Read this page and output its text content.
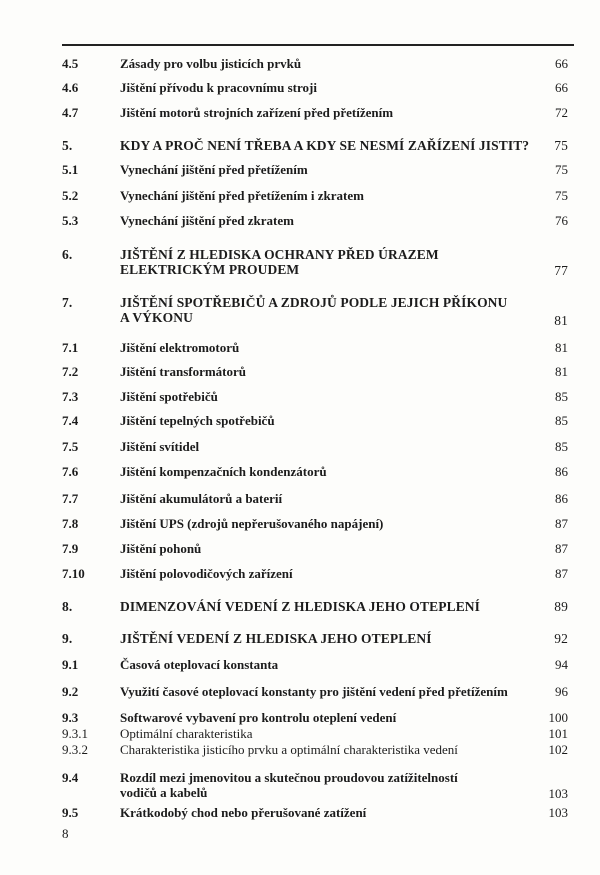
4.5	Zásady pro volbu jisticích prvků	66
4.6	Jištění přívodu k pracovnímu stroji	66
4.7	Jištění motorů strojních zařízení před přetížením	72
5.	KDY A PROČ NENÍ TŘEBA A KDY SE NESMÍ ZAŘÍZENÍ JISTIT?	75
5.1	Vynechání jištění před přetížením	75
5.2	Vynechání jištění před přetížením i zkratem	75
5.3	Vynechání jištění před zkratem	76
6.	JIŠTĚNÍ Z HLEDISKA OCHRANY PŘED ÚRAZEM
ELEKTRICKÝM PROUDEM	77
7.	JIŠTĚNÍ SPOTŘEBIČŮ A ZDROJŮ PODLE JEJICH PŘÍKONU
A VÝKONU	81
7.1	Jištění elektromotorů	81
7.2	Jištění transformátorů	81
7.3	Jištění spotřebičů	85
7.4	Jištění tepelných spotřebičů	85
7.5	Jištění svítidel	85
7.6	Jištění kompenzačních kondenzátorů	86
7.7	Jištění akumulátorů a baterií	86
7.8	Jištění UPS (zdrojů nepřerušovaného napájení)	87
7.9	Jištění pohonů	87
7.10	Jištění polovodičových zařízení	87
8.	DIMENZOVÁNÍ VEDENÍ Z HLEDISKA JEHO OTEPLENÍ	89
9.	JIŠTĚNÍ VEDENÍ Z HLEDISKA JEHO OTEPLENÍ	92
9.1	Časová oteplovací konstanta	94
9.2	Využití časové oteplovací konstanty pro jištění vedení před přetížením	96
9.3	Softwarové vybavení pro kontrolu oteplení vedení	100
9.3.1 Optimální charakteristika	101
9.3.2 Charakteristika jisticího prvku a optimální charakteristika vedení	102
9.4	Rozdíl mezi jmenovitou a skutečnou proudovou zatížitelností
vodičů a kabelů	103
9.5	Krátkodobý chod nebo přerušované zatížení	103
8
